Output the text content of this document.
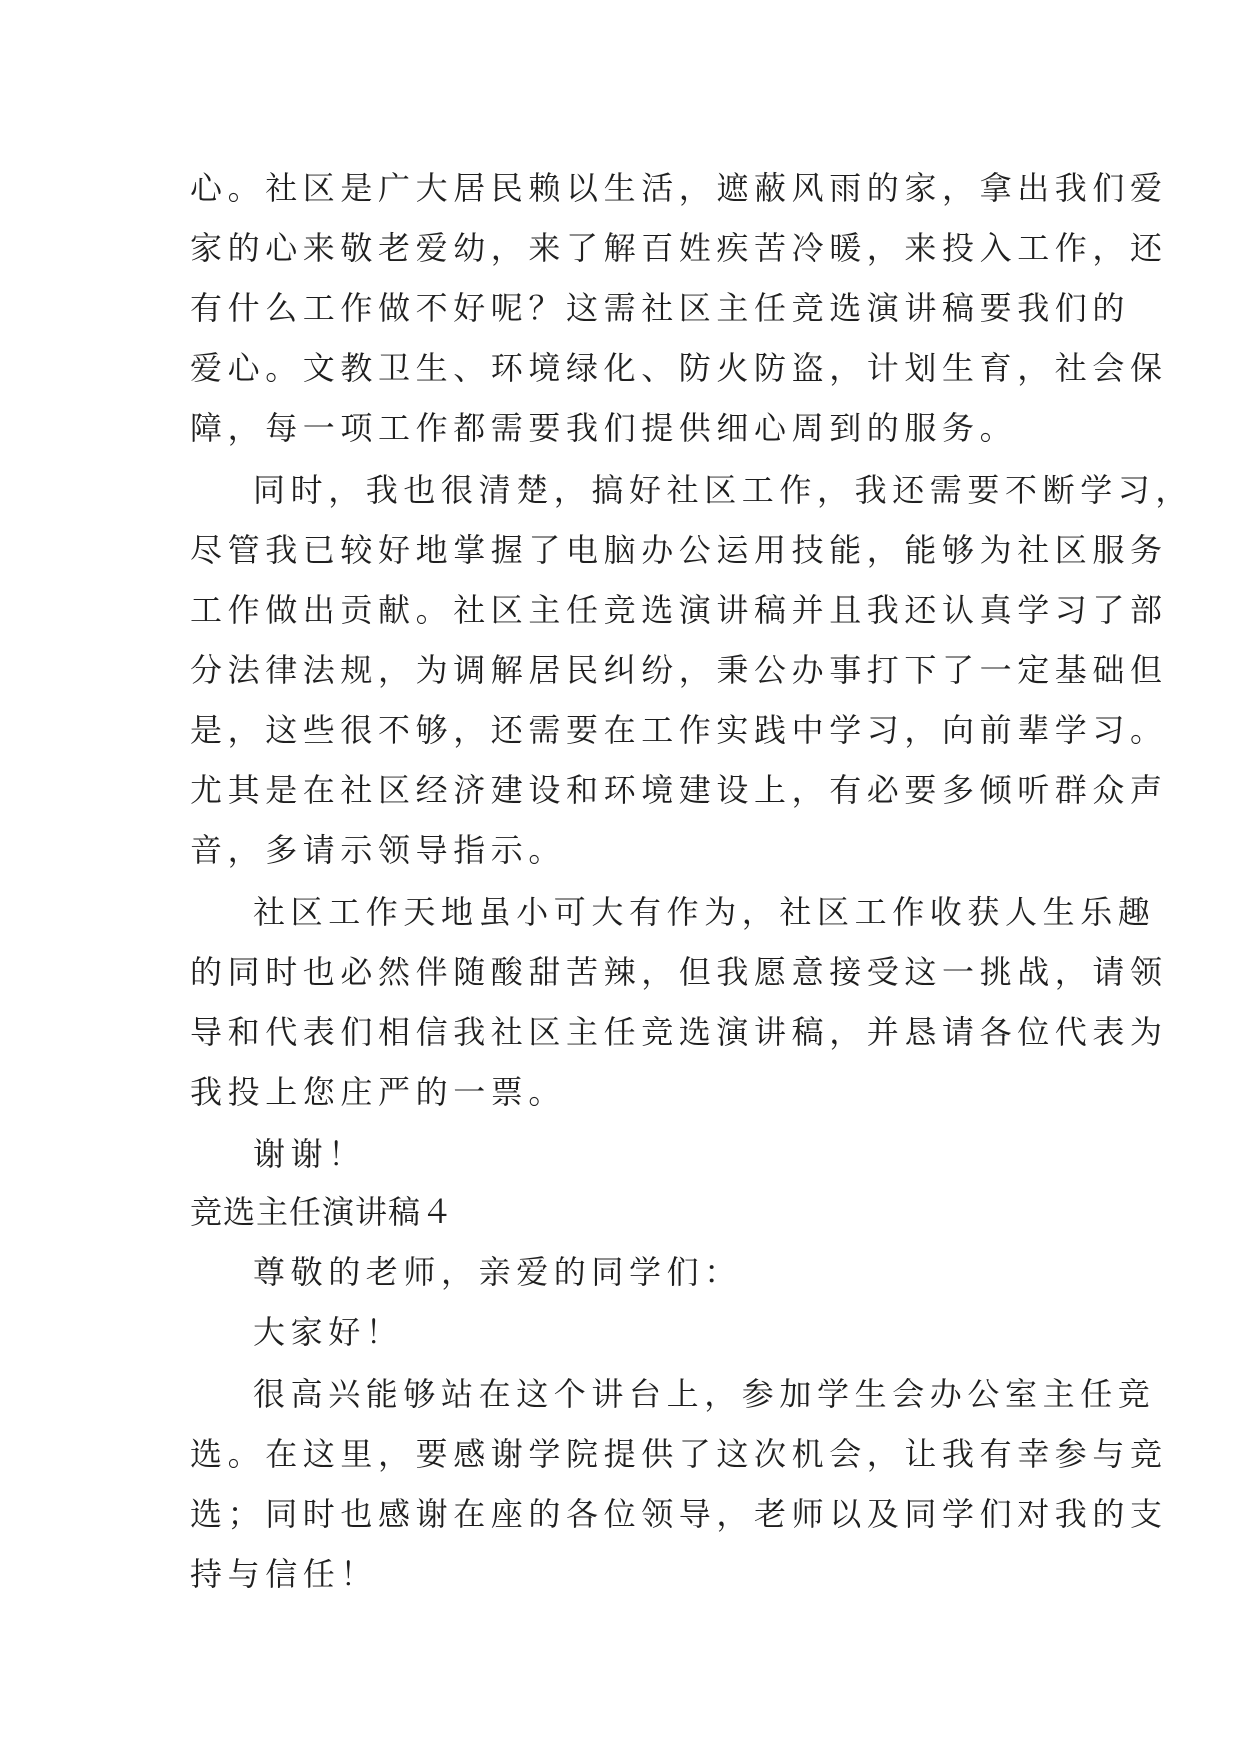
心。社区是广大居民赖以生活，遮蔽风雨的家，拿出我们爱

家的心来敬老爱幼，来了解百姓疾苦冷暖，来投入工作，还

有什么工作做不好呢？这需社区主任竞选演讲稿要我们的

爱心。文教卫生、环境绿化、防火防盗，计划生育，社会保

障，每一项工作都需要我们提供细心周到的服务。

同时，我也很清楚，搞好社区工作，我还需要不断学习，

尽管我已较好地掌握了电脑办公运用技能，能够为社区服务

工作做出贡献。社区主任竞选演讲稿并且我还认真学习了部

分法律法规，为调解居民纠纷，秉公办事打下了一定基础但

是，这些很不够，还需要在工作实践中学习，向前辈学习。

尤其是在社区经济建设和环境建设上，有必要多倾听群众声

音，多请示领导指示。

社区工作天地虽小可大有作为，社区工作收获人生乐趣

的同时也必然伴随酸甜苦辣，但我愿意接受这一挑战，请领

导和代表们相信我社区主任竞选演讲稿，并恳请各位代表为

我投上您庄严的一票。

谢谢！

竞选主任演讲稿４

尊敬的老师，亲爱的同学们：

大家好！

很高兴能够站在这个讲台上，参加学生会办公室主任竞

选。在这里，要感谢学院提供了这次机会，让我有幸参与竞

选；同时也感谢在座的各位领导，老师以及同学们对我的支

持与信任！
